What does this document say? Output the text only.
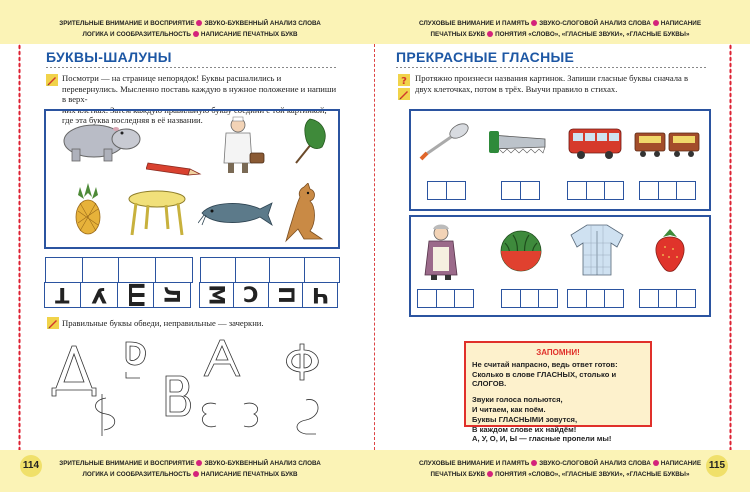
ЗРИТЕЛЬНЫЕ ВНИМАНИЕ И ВОСПРИЯТИЕ ЗВУКО-БУКВЕННЫЙ АНАЛИЗ СЛОВА
ЛОГИКА И СООБРАЗИТЕЛЬНОСТЬ НАПИСАНИЕ ПЕЧАТНЫХ БУКВ
СЛУХОВЫЕ ВНИМАНИЕ И ПАМЯТЬ ЗВУКО-СЛОГОВОЙ АНАЛИЗ СЛОВА НАПИСАНИЕ
ПЕЧАТНЫХ БУКВ ПОНЯТИЯ «СЛОВО», «ГЛАСНЫЕ ЗВУКИ», «ГЛАСНЫЕ БУКВЫ»
ЗРИТЕЛЬНЫЕ ВНИМАНИЕ И ВОСПРИЯТИЕ ЗВУКО-БУКВЕННЫЙ АНАЛИЗ СЛОВА
ЛОГИКА И СООБРАЗИТЕЛЬНОСТЬ НАПИСАНИЕ ПЕЧАТНЫХ БУКВ
СЛУХОВЫЕ ВНИМАНИЕ И ПАМЯТЬ ЗВУКО-СЛОГОВОЙ АНАЛИЗ СЛОВА НАПИСАНИЕ
ПЕЧАТНЫХ БУКВ ПОНЯТИЯ «СЛОВО», «ГЛАСНЫЕ ЗВУКИ», «ГЛАСНЫЕ БУКВЫ»
114	115
БУКВЫ-ШАЛУНЫ
Посмотри — на странице непорядок! Буквы расшалились и перевернулись. Мысленно поставь каждую в нужное положение и напиши в верх-
них клетках. Затем каждую правильную букву соедини с той картинкой, где эта буква последняя в её названии.
Т У Ш Л М С П Ч
Правильные буквы обведи, неправильные — зачеркни.
ПРЕКРАСНЫЕ ГЛАСНЫЕ
? Протяжно произнеси названия картинок. Запиши гласные буквы сначала в двух клеточках, потом в трёх. Выучи правило в стихах.
ЗАПОМНИ!
Не считай напрасно, ведь ответ готов:
Сколько в слове ГЛАСНЫХ, столько и СЛОГОВ.
Звуки голоса польются,
И читаем, как поём.
Буквы ГЛАСНЫМИ зовутся,
В каждом слове их найдём!
А, У, О, И, Ы — гласные пропели мы!
